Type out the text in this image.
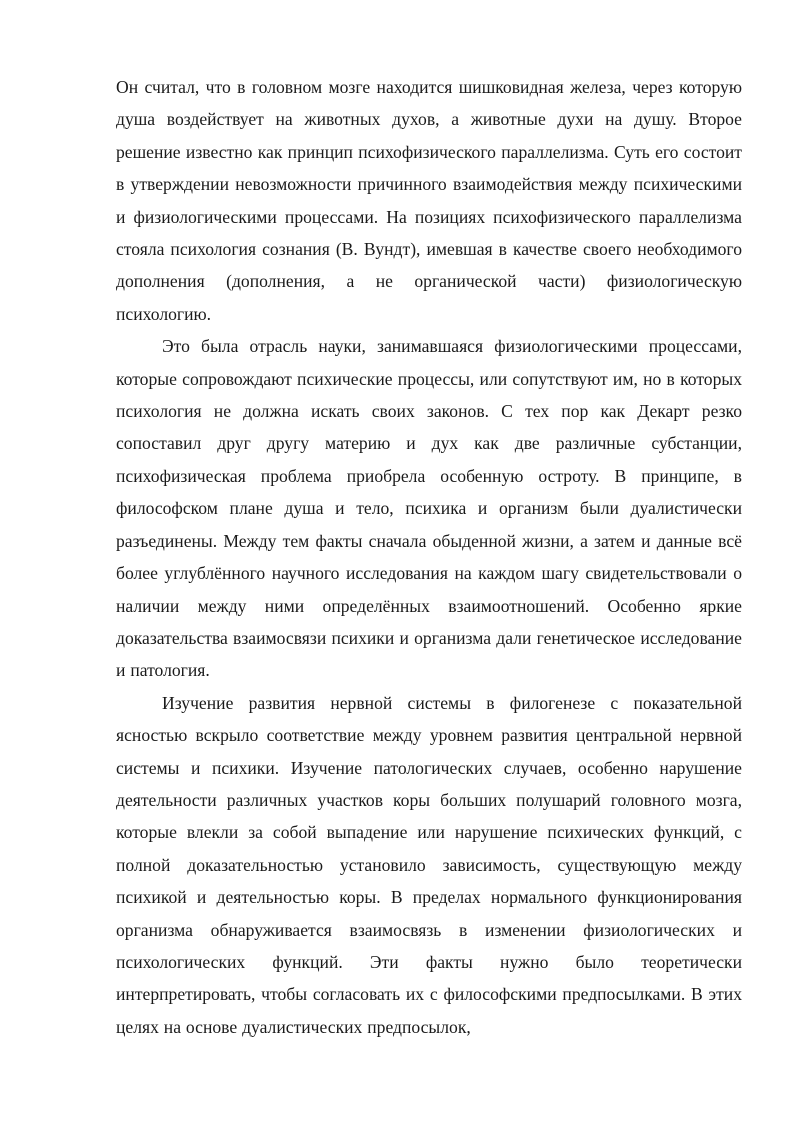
Он считал, что в головном мозге находится шишковидная железа, через которую душа воздействует на животных духов, а животные духи на душу. Второе решение известно как принцип психофизического параллелизма. Суть его состоит в утверждении невозможности причинного взаимодействия между психическими и физиологическими процессами. На позициях психофизического параллелизма стояла психология сознания (В. Вундт), имевшая в качестве своего необходимого дополнения (дополнения, а не органической части) физиологическую психологию.

Это была отрасль науки, занимавшаяся физиологическими процессами, которые сопровождают психические процессы, или сопутствуют им, но в которых психология не должна искать своих законов. С тех пор как Декарт резко сопоставил друг другу материю и дух как две различные субстанции, психофизическая проблема приобрела особенную остроту. В принципе, в философском плане душа и тело, психика и организм были дуалистически разъединены. Между тем факты сначала обыденной жизни, а затем и данные всё более углублённого научного исследования на каждом шагу свидетельствовали о наличии между ними определённых взаимоотношений. Особенно яркие доказательства взаимосвязи психики и организма дали генетическое исследование и патология.

Изучение развития нервной системы в филогенезе с показательной ясностью вскрыло соответствие между уровнем развития центральной нервной системы и психики. Изучение патологических случаев, особенно нарушение деятельности различных участков коры больших полушарий головного мозга, которые влекли за собой выпадение или нарушение психических функций, с полной доказательностью установило зависимость, существующую между психикой и деятельностью коры. В пределах нормального функционирования организма обнаруживается взаимосвязь в изменении физиологических и психологических функций. Эти факты нужно было теоретически интерпретировать, чтобы согласовать их с философскими предпосылками. В этих целях на основе дуалистических предпосылок,
